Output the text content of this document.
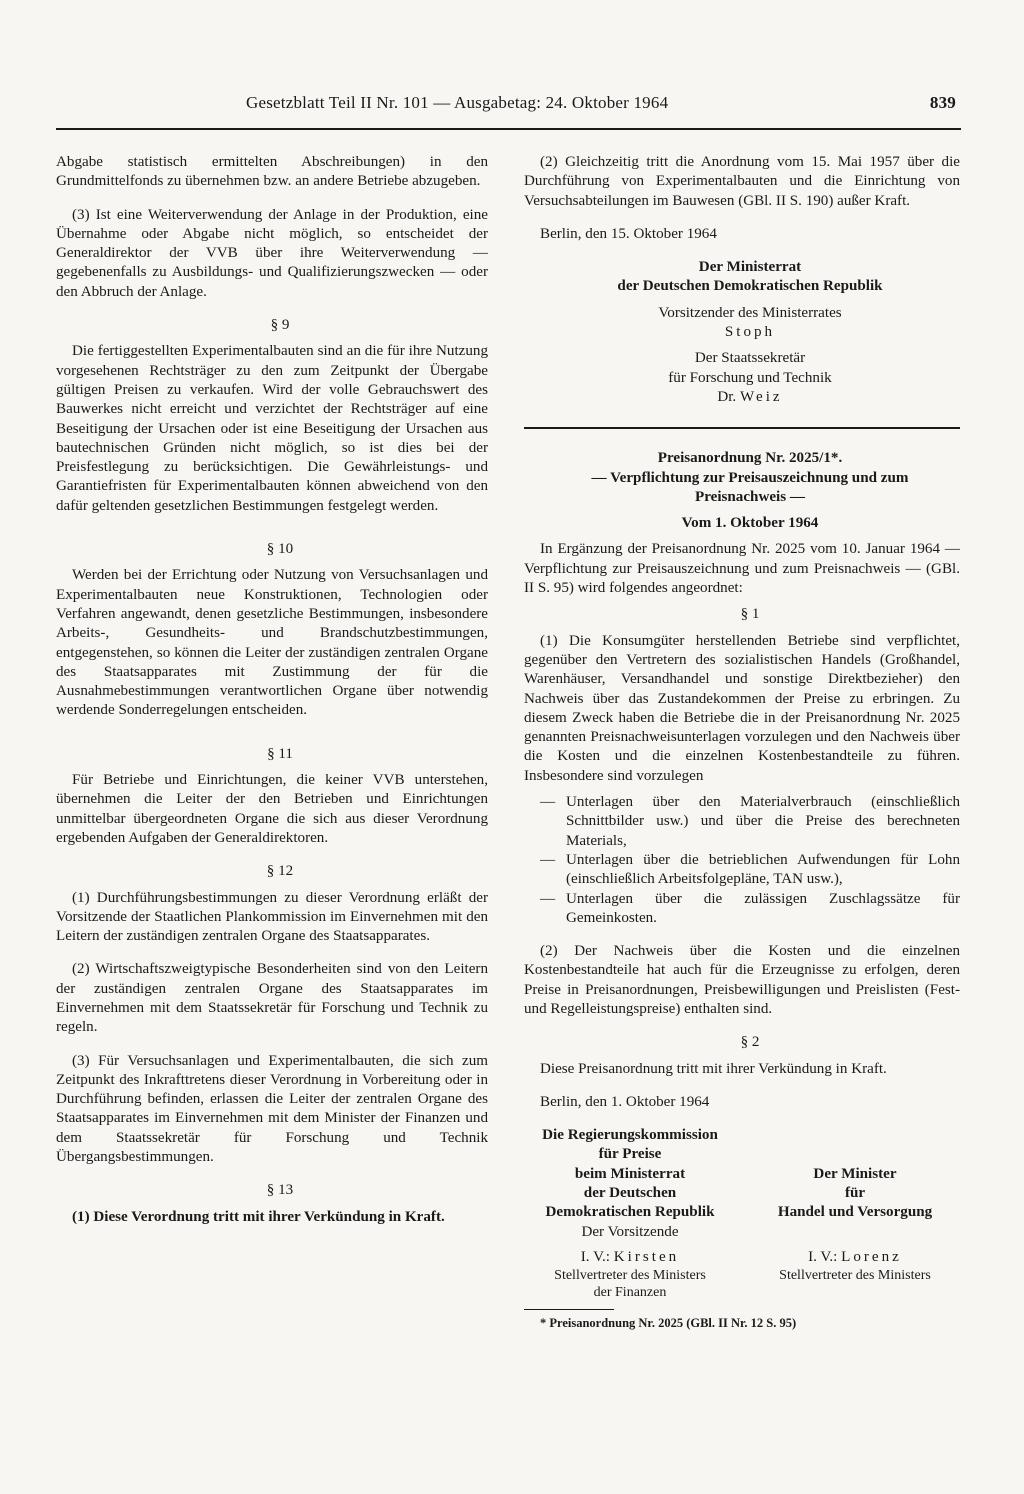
Gesetzblatt Teil II Nr. 101 — Ausgabetag: 24. Oktober 1964	839

Abgabe statistisch ermittelten Abschreibungen) in den Grundmittelfonds zu übernehmen bzw. an andere Betriebe abzugeben.

(3) Ist eine Weiterverwendung der Anlage in der Produktion, eine Übernahme oder Abgabe nicht möglich, so entscheidet der Generaldirektor der VVB über ihre Weiterverwendung — gegebenenfalls zu Ausbildungs- und Qualifizierungszwecken — oder den Abbruch der Anlage.

§ 9

Die fertiggestellten Experimentalbauten sind an die für ihre Nutzung vorgesehenen Rechtsträger zu den zum Zeitpunkt der Übergabe gültigen Preisen zu verkaufen. Wird der volle Gebrauchswert des Bauwerkes nicht erreicht und verzichtet der Rechtsträger auf eine Beseitigung der Ursachen oder ist eine Beseitigung der Ursachen aus bautechnischen Gründen nicht möglich, so ist dies bei der Preisfestlegung zu berücksichtigen. Die Gewährleistungs- und Garantiefristen für Experimentalbauten können abweichend von den dafür geltenden gesetzlichen Bestimmungen festgelegt werden.

§ 10

Werden bei der Errichtung oder Nutzung von Versuchsanlagen und Experimentalbauten neue Konstruktionen, Technologien oder Verfahren angewandt, denen gesetzliche Bestimmungen, insbesondere Arbeits-, Gesundheits- und Brandschutzbestimmungen, entgegenstehen, so können die Leiter der zuständigen zentralen Organe des Staatsapparates mit Zustimmung der für die Ausnahmebestimmungen verantwortlichen Organe über notwendig werdende Sonderregelungen entscheiden.

§ 11

Für Betriebe und Einrichtungen, die keiner VVB unterstehen, übernehmen die Leiter der den Betrieben und Einrichtungen unmittelbar übergeordneten Organe die sich aus dieser Verordnung ergebenden Aufgaben der Generaldirektoren.

§ 12

(1) Durchführungsbestimmungen zu dieser Verordnung erläßt der Vorsitzende der Staatlichen Plankommission im Einvernehmen mit den Leitern der zuständigen zentralen Organe des Staatsapparates.

(2) Wirtschaftszweigtypische Besonderheiten sind von den Leitern der zuständigen zentralen Organe des Staatsapparates im Einvernehmen mit dem Staatssekretär für Forschung und Technik zu regeln.

(3) Für Versuchsanlagen und Experimentalbauten, die sich zum Zeitpunkt des Inkrafttretens dieser Verordnung in Vorbereitung oder in Durchführung befinden, erlassen die Leiter der zentralen Organe des Staatsapparates im Einvernehmen mit dem Minister der Finanzen und dem Staatssekretär für Forschung und Technik Übergangsbestimmungen.

§ 13

(1) Diese Verordnung tritt mit ihrer Verkündung in Kraft.

(2) Gleichzeitig tritt die Anordnung vom 15. Mai 1957 über die Durchführung von Experimentalbauten und die Einrichtung von Versuchsabteilungen im Bauwesen (GBl. II S. 190) außer Kraft.

Berlin, den 15. Oktober 1964

Der Ministerrat

der Deutschen Demokratischen Republik

Vorsitzender des Ministerrates

Stoph

Der Staatssekretär

für Forschung und Technik

Dr. Weiz

Preisanordnung Nr. 2025/1*.

— Verpflichtung zur Preisauszeichnung und zum

Preisnachweis —

Vom 1. Oktober 1964

In Ergänzung der Preisanordnung Nr. 2025 vom 10. Januar 1964 — Verpflichtung zur Preisauszeichnung und zum Preisnachweis — (GBl. II S. 95) wird folgendes angeordnet:

§ 1

(1) Die Konsumgüter herstellenden Betriebe sind verpflichtet, gegenüber den Vertretern des sozialistischen Handels (Großhandel, Warenhäuser, Versandhandel und sonstige Direktbezieher) den Nachweis über das Zustandekommen der Preise zu erbringen. Zu diesem Zweck haben die Betriebe die in der Preisanordnung Nr. 2025 genannten Preisnachweisunterlagen vorzulegen und den Nachweis über die Kosten und die einzelnen Kostenbestandteile zu führen. Insbesondere sind vorzulegen

— Unterlagen über den Materialverbrauch (einschließlich Schnittbilder usw.) und über die Preise des berechneten Materials,
— Unterlagen über die betrieblichen Aufwendungen für Lohn (einschließlich Arbeitsfolgepläne, TAN usw.),
— Unterlagen über die zulässigen Zuschlagssätze für Gemeinkosten.

(2) Der Nachweis über die Kosten und die einzelnen Kostenbestandteile hat auch für die Erzeugnisse zu erfolgen, deren Preise in Preisanordnungen, Preisbewilligungen und Preislisten (Fest- und Regelleistungspreise) enthalten sind.

§ 2

Diese Preisanordnung tritt mit ihrer Verkündung in Kraft.

Berlin, den 1. Oktober 1964

Die Regierungskommission
für Preise
beim Ministerrat
der Deutschen
Demokratischen Republik
Der Vorsitzende
I. V.: Kirsten
Stellvertreter des Ministers
der Finanzen
Der Minister
für
Handel und Versorgung
I. V.: Lorenz
Stellvertreter des Ministers

* Preisanordnung Nr. 2025 (GBl. II Nr. 12 S. 95)
